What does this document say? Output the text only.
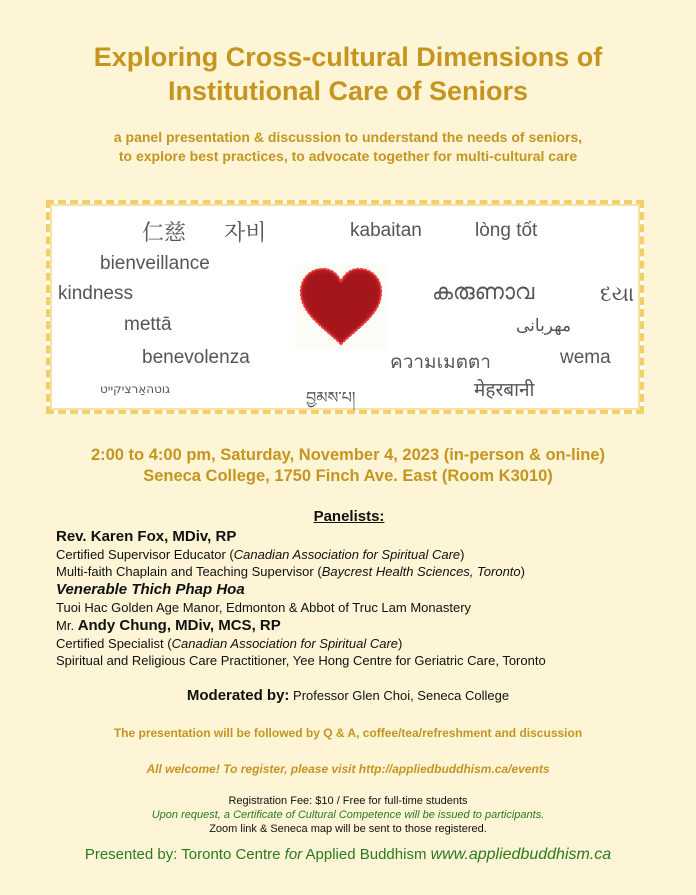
Exploring Cross-cultural Dimensions of
Institutional Care of Seniors
a panel presentation & discussion to understand the needs of seniors,
to explore best practices, to advocate together for multi-cultural care
仁慈 자비	kabaitan	lòng tốt
bienveillance
kindness	കരുണാവ	દયા
mettā	مهربانی
benevolenza	ความเมตตา	wema
גוטהאַרציקייט	བྱམས་པ།	मेहरबानी
2:00 to 4:00 pm, Saturday, November 4, 2023 (in-person & on-line)
Seneca College, 1750 Finch Ave. East (Room K3010)
Panelists:
Rev. Karen Fox, MDiv, RP
Certified Supervisor Educator (Canadian Association for Spiritual Care)
Multi-faith Chaplain and Teaching Supervisor (Baycrest Health Sciences, Toronto)
Venerable Thich Phap Hoa
Tuoi Hac Golden Age Manor, Edmonton & Abbot of Truc Lam Monastery
Mr. Andy Chung, MDiv, MCS, RP
Certified Specialist (Canadian Association for Spiritual Care)
Spiritual and Religious Care Practitioner, Yee Hong Centre for Geriatric Care, Toronto
Moderated by: Professor Glen Choi, Seneca College
The presentation will be followed by Q & A, coffee/tea/refreshment and discussion
All welcome! To register, please visit http://appliedbuddhism.ca/events
Registration Fee: $10 / Free for full-time students
Upon request, a Certificate of Cultural Competence will be issued to participants.
Zoom link & Seneca map will be sent to those registered.
Presented by: Toronto Centre for Applied Buddhism www.appliedbuddhism.ca
